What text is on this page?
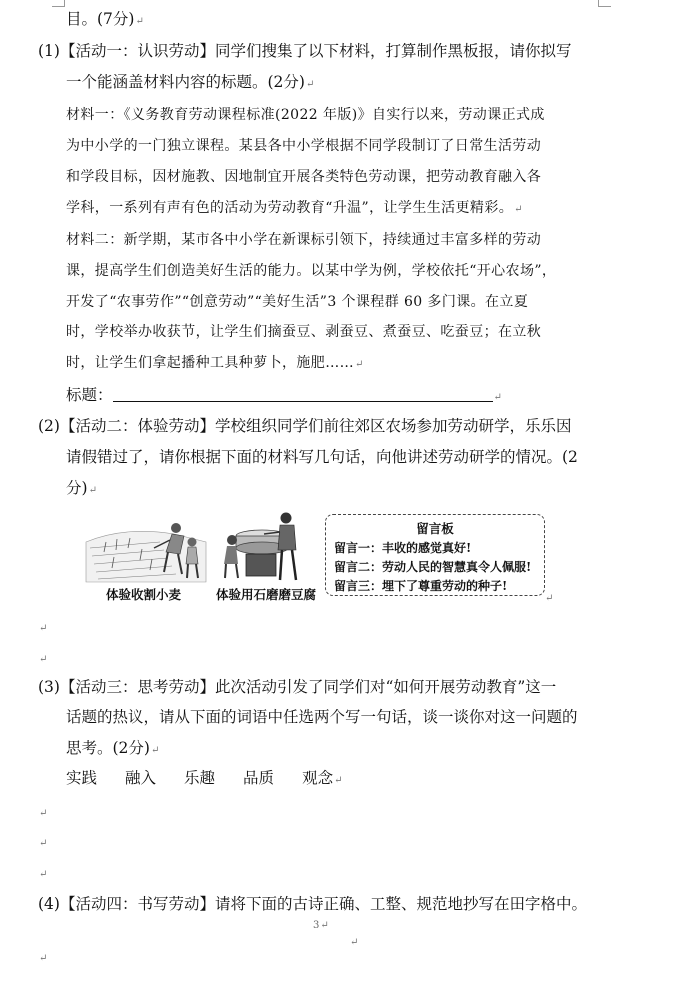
目。(7分)↵
(1)【活动一：认识劳动】同学们搜集了以下材料，打算制作黑板报，请你拟写
一个能涵盖材料内容的标题。(2分)↵
材料一：《义务教育劳动课程标准(2022 年版)》自实行以来，劳动课正式成
为中小学的一门独立课程。某县各中小学根据不同学段制订了日常生活劳动
和学段目标，因材施教、因地制宜开展各类特色劳动课，把劳动教育融入各
学科，一系列有声有色的活动为劳动教育“升温”，让学生生活更精彩。↵
材料二：新学期，某市各中小学在新课标引领下，持续通过丰富多样的劳动
课，提高学生们创造美好生活的能力。以某中学为例，学校依托“开心农场”，
开发了“农事劳作”“创意劳动”“美好生活”3 个课程群 60 多门课。在立夏
时，学校举办收获节，让学生们摘蚕豆、剥蚕豆、煮蚕豆、吃蚕豆；在立秋
时，让学生们拿起播种工具种萝卜，施肥……↵
标题：	↵
(2)【活动二：体验劳动】学校组织同学们前往郊区农场参加劳动研学，乐乐因
请假错过了，请你根据下面的材料写几句话，向他讲述劳动研学的情况。(2
分)↵
体验收割小麦	体验用石磨磨豆腐
留言板
留言一：丰收的感觉真好!
留言二：劳动人民的智慧真令人佩服!
留言三：埋下了尊重劳动的种子!
↵
↵
↵
(3)【活动三：思考劳动】此次活动引发了同学们对“如何开展劳动教育”这一
话题的热议，请从下面的词语中任选两个写一句话，谈一谈你对这一问题的
思考。(2分)↵
实践 融入 乐趣 品质 观念↵
↵
↵
↵
(4)【活动四：书写劳动】请将下面的古诗正确、工整、规范地抄写在田字格中。
3↵
↵
↵
